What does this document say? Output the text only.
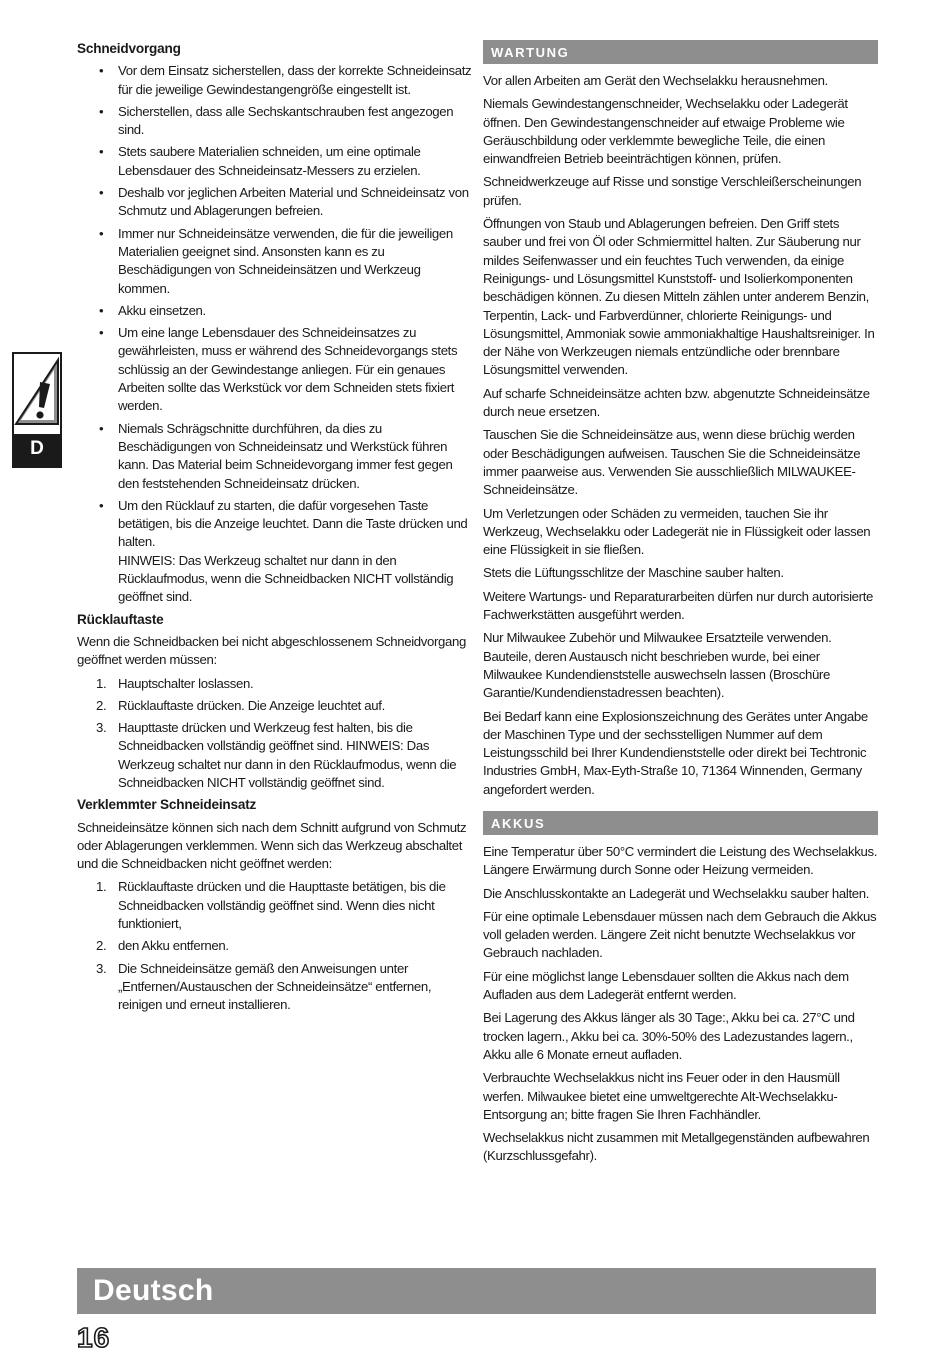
Schneidvorgang
• Vor dem Einsatz sicherstellen, dass der korrekte Schneideinsatz für die jeweilige Gewindestangengröße eingestellt ist.
• Sicherstellen, dass alle Sechskantschrauben fest angezogen sind.
• Stets saubere Materialien schneiden, um eine optimale Lebensdauer des Schneideinsatz-Messers zu erzielen.
• Deshalb vor jeglichen Arbeiten Material und Schneideinsatz von Schmutz und Ablagerungen befreien.
• Immer nur Schneideinsätze verwenden, die für die jeweiligen Materialien geeignet sind. Ansonsten kann es zu Beschädigungen von Schneideinsätzen und Werkzeug kommen.
• Akku einsetzen.
• Um eine lange Lebensdauer des Schneideinsatzes zu gewährleisten, muss er während des Schneidevorgangs stets schlüssig an der Gewindestange anliegen. Für ein genaues Arbeiten sollte das Werkstück vor dem Schneiden stets fixiert werden.
• Niemals Schrägschnitte durchführen, da dies zu Beschädigungen von Schneideinsatz und Werkstück führen kann. Das Material beim Schneidevorgang immer fest gegen den feststehenden Schneideinsatz drücken.
• Um den Rücklauf zu starten, die dafür vorgesehen Taste betätigen, bis die Anzeige leuchtet. Dann die Taste drücken und halten.
HINWEIS: Das Werkzeug schaltet nur dann in den Rücklaufmodus, wenn die Schneidbacken NICHT vollständig geöffnet sind.
Rücklauftaste

Wenn die Schneidbacken bei nicht abgeschlossenem Schneidvorgang geöffnet werden müssen:

1. Hauptschalter loslassen.
2. Rücklauftaste drücken. Die Anzeige leuchtet auf.
3. Haupttaste drücken und Werkzeug fest halten, bis die Schneidbacken vollständig geöffnet sind. HINWEIS: Das Werkzeug schaltet nur dann in den Rücklaufmodus, wenn die Schneidbacken NICHT vollständig geöffnet sind.
Verklemmter Schneideinsatz

Schneideinsätze können sich nach dem Schnitt aufgrund von Schmutz oder Ablagerungen verklemmen. Wenn sich das Werkzeug abschaltet und die Schneidbacken nicht geöffnet werden:

1. Rücklauftaste drücken und die Haupttaste betätigen, bis die Schneidbacken vollständig geöffnet sind. Wenn dies nicht funktioniert,
2. den Akku entfernen.
3. Die Schneideinsätze gemäß den Anweisungen unter „Entfernen/Austauschen der Schneideinsätze“ entfernen, reinigen und erneut installieren.
WARTUNG

Vor allen Arbeiten am Gerät den Wechselakku herausnehmen.

Niemals Gewindestangenschneider, Wechselakku oder Ladegerät öffnen. Den Gewindestangenschneider auf etwaige Probleme wie Geräuschbildung oder verklemmte bewegliche Teile, die einen einwandfreien Betrieb beeinträchtigen können, prüfen.

Schneidwerkzeuge auf Risse und sonstige Verschleißerscheinungen prüfen.

Öffnungen von Staub und Ablagerungen befreien. Den Griff stets sauber und frei von Öl oder Schmiermittel halten. Zur Säuberung nur mildes Seifenwasser und ein feuchtes Tuch verwenden, da einige Reinigungs- und Lösungsmittel Kunststoff- und Isolierkomponenten beschädigen können. Zu diesen Mitteln zählen unter anderem Benzin, Terpentin, Lack- und Farbverdünner, chlorierte Reinigungs- und Lösungsmittel, Ammoniak sowie ammoniakhaltige Haushaltsreiniger. In der Nähe von Werkzeugen niemals entzündliche oder brennbare Lösungsmittel verwenden.

Auf scharfe Schneideinsätze achten bzw. abgenutzte Schneideinsätze durch neue ersetzen.

Tauschen Sie die Schneideinsätze aus, wenn diese brüchig werden oder Beschädigungen aufweisen. Tauschen Sie die Schneideinsätze immer paarweise aus. Verwenden Sie ausschließlich MILWAUKEE-Schneideinsätze.

Um Verletzungen oder Schäden zu vermeiden, tauchen Sie ihr Werkzeug, Wechselakku oder Ladegerät nie in Flüssigkeit oder lassen eine Flüssigkeit in sie fließen.

Stets die Lüftungsschlitze der Maschine sauber halten.

Weitere Wartungs- und Reparaturarbeiten dürfen nur durch autorisierte Fachwerkstätten ausgeführt werden.

Nur Milwaukee Zubehör und Milwaukee Ersatzteile verwenden. Bauteile, deren Austausch nicht beschrieben wurde, bei einer Milwaukee Kundendienststelle auswechseln lassen (Broschüre Garantie/Kundendienstadressen beachten).

Bei Bedarf kann eine Explosionszeichnung des Gerätes unter Angabe der Maschinen Type und der sechsstelligen Nummer auf dem Leistungsschild bei Ihrer Kundendienststelle oder direkt bei Techtronic Industries GmbH, Max-Eyth-Straße 10, 71364 Winnenden, Germany angefordert werden.

AKKUS

Eine Temperatur über 50°C vermindert die Leistung des Wechselakkus. Längere Erwärmung durch Sonne oder Heizung vermeiden.

Die Anschlusskontakte an Ladegerät und Wechselakku sauber halten.

Für eine optimale Lebensdauer müssen nach dem Gebrauch die Akkus voll geladen werden. Längere Zeit nicht benutzte Wechselakkus vor Gebrauch nachladen.

Für eine möglichst lange Lebensdauer sollten die Akkus nach dem Aufladen aus dem Ladegerät entfernt werden.

Bei Lagerung des Akkus länger als 30 Tage:, Akku bei ca. 27°C und trocken lagern., Akku bei ca. 30%-50% des Ladezustandes lagern., Akku alle 6 Monate erneut aufladen.

Verbrauchte Wechselakkus nicht ins Feuer oder in den Hausmüll werfen. Milwaukee bietet eine umweltgerechte Alt-Wechselakku-Entsorgung an; bitte fragen Sie Ihren Fachhändler.

Wechselakkus nicht zusammen mit Metallgegenständen aufbewahren (Kurzschlussgefahr).

D
Deutsch
16
